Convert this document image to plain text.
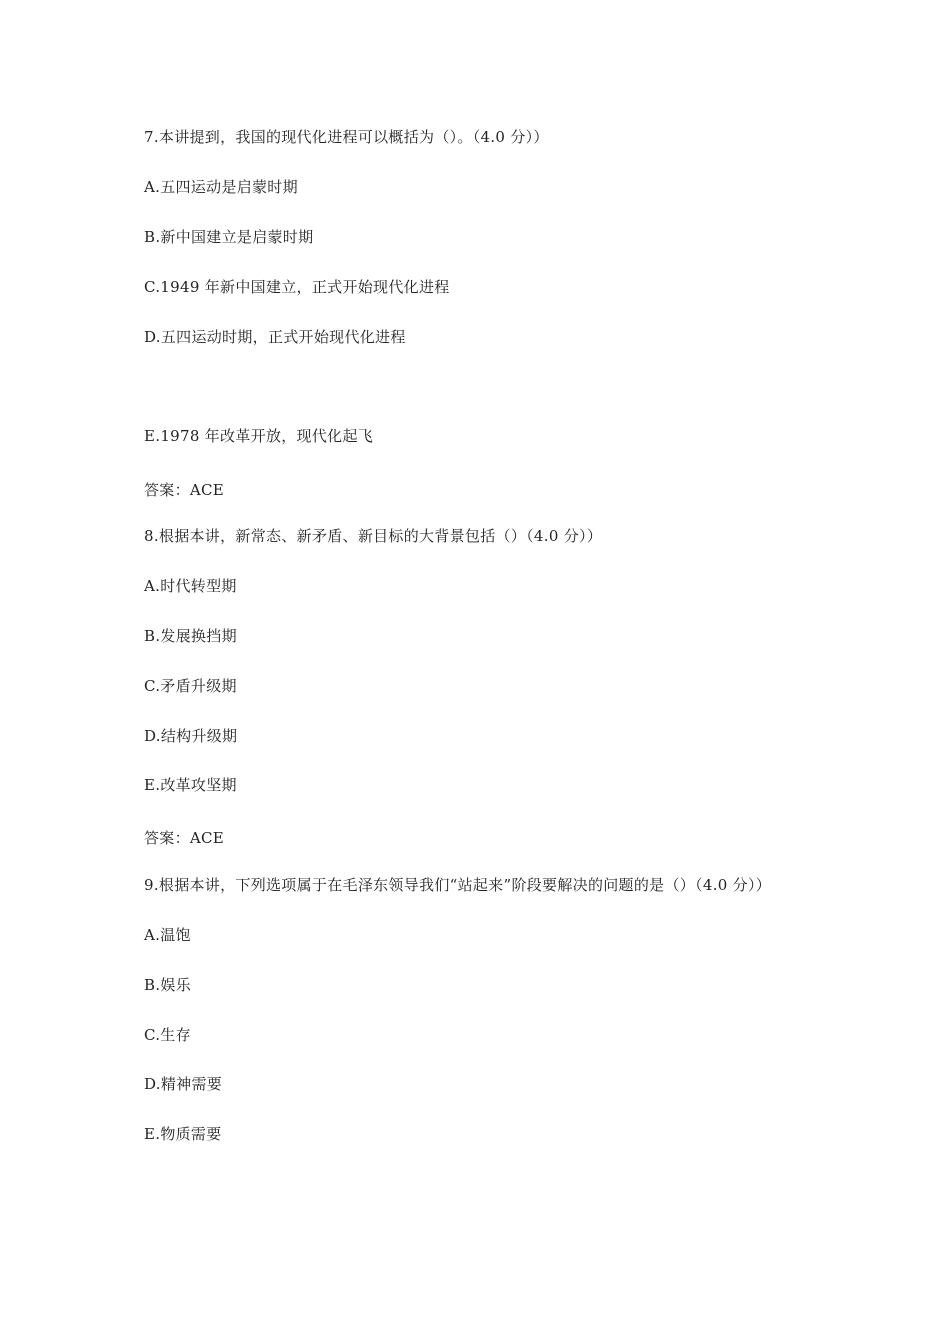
7.本讲提到，我国的现代化进程可以概括为（）。（4.0 分））
A.五四运动是启蒙时期
B.新中国建立是启蒙时期
C.1949 年新中国建立，正式开始现代化进程
D.五四运动时期，正式开始现代化进程
E.1978 年改革开放，现代化起飞
答案：ACE
8.根据本讲，新常态、新矛盾、新目标的大背景包括（）（4.0 分））
A.时代转型期
B.发展换挡期
C.矛盾升级期
D.结构升级期
E.改革攻坚期
答案：ACE
9.根据本讲，下列选项属于在毛泽东领导我们“站起来”阶段要解决的问题的是（）（4.0 分））
A.温饱
B.娱乐
C.生存
D.精神需要
E.物质需要
